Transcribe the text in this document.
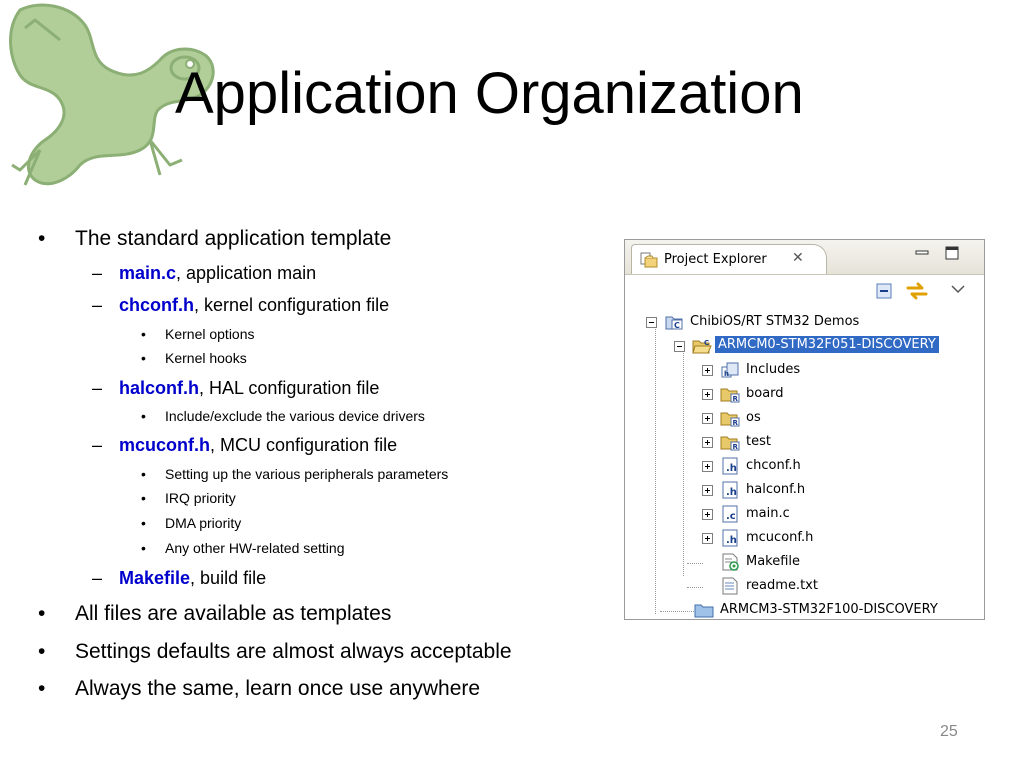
Application Organization
• The standard application template
– main.c, application main
– chconf.h, kernel configuration file
• Kernel options
• Kernel hooks
– halconf.h, HAL configuration file
• Include/exclude the various device drivers
– mcuconf.h, MCU configuration file
• Setting up the various peripherals parameters
• IRQ priority
• DMA priority
• Any other HW-related setting
– Makefile, build file
• All files are available as templates
• Settings defaults are almost always acceptable
• Always the same, learn once use anywhere
Project Explorer ✕
C ChibiOS/RT STM32 Demos
C ARMCM0-STM32F051-DISCOVERY
h Includes
R board
R os
R test
.h chconf.h
.h halconf.h
.c main.c
.h mcuconf.h
Makefile
readme.txt
ARMCM3-STM32F100-DISCOVERY
25
